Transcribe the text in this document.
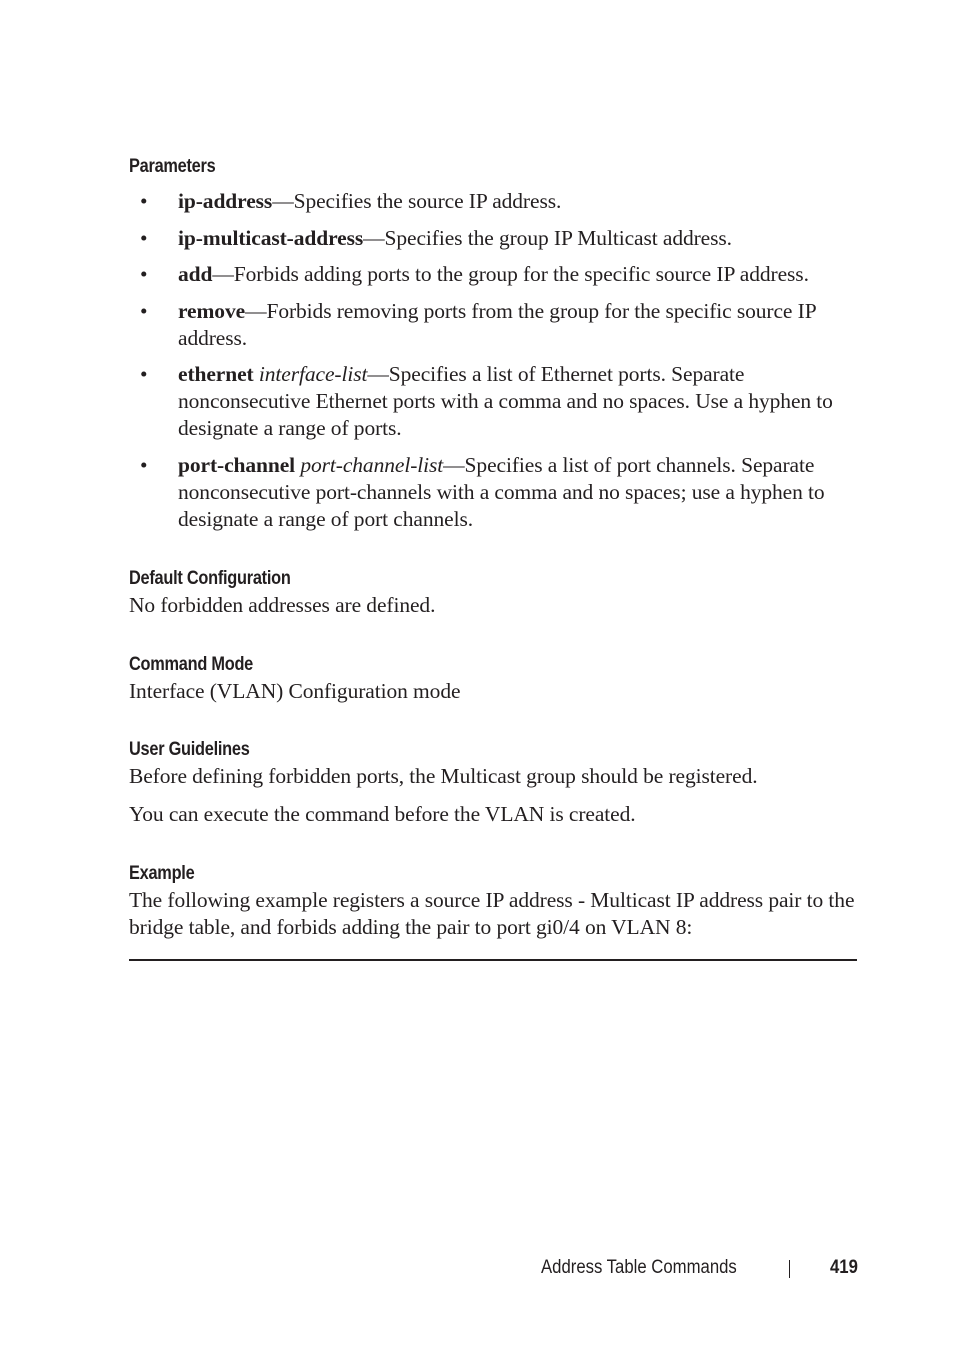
Parameters
• ip-address—Specifies the source IP address.
• ip-multicast-address—Specifies the group IP Multicast address.
• add—Forbids adding ports to the group for the specific source IP address.
• remove—Forbids removing ports from the group for the specific source IP address.
• ethernet interface-list—Specifies a list of Ethernet ports. Separate nonconsecutive Ethernet ports with a comma and no spaces. Use a hyphen to designate a range of ports.
• port-channel port-channel-list—Specifies a list of port channels. Separate nonconsecutive port-channels with a comma and no spaces; use a hyphen to designate a range of port channels.
Default Configuration
No forbidden addresses are defined.
Command Mode
Interface (VLAN) Configuration mode
User Guidelines
Before defining forbidden ports, the Multicast group should be registered.
You can execute the command before the VLAN is created.
Example
The following example registers a source IP address - Multicast IP address pair to the bridge table, and forbids adding the pair to port gi0/4 on VLAN 8:
Address Table Commands	419
